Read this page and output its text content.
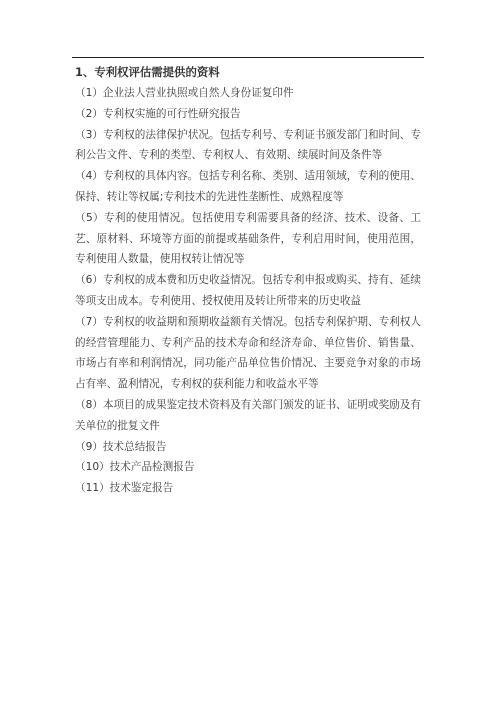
1、专利权评估需提供的资料

（1）企业法人营业执照或自然人身份证复印件

（2）专利权实施的可行性研究报告

（3）专利权的法律保护状况。包括专利号、专利证书颁发部门和时间、专利公告文件、专利的类型、专利权人、有效期、续展时间及条件等

（4）专利权的具体内容。包括专利名称、类别、适用领域，专利的使用、保持、转让等权属;专利技术的先进性垄断性、成熟程度等

（5）专利的使用情况。包括使用专利需要具备的经济、技术、设备、工艺、原材料、环境等方面的前提或基础条件，专利启用时间，使用范围，专利使用人数量，使用权转让情况等

（6）专利权的成本费和历史收益情况。包括专利申报或购买、持有、延续等项支出成本。专利使用、授权使用及转让所带来的历史收益

（7）专利权的收益期和预期收益额有关情况。包括专利保护期、专利权人的经营管理能力、专利产品的技术寿命和经济寿命、单位售价、销售量、市场占有率和利润情况，同功能产品单位售价情况、主要竞争对象的市场占有率、盈利情况，专利权的获利能力和收益水平等

（8）本项目的成果鉴定技术资料及有关部门颁发的证书、证明或奖励及有关单位的批复文件

（9）技术总结报告

（10）技术产品检测报告

（11）技术鉴定报告
